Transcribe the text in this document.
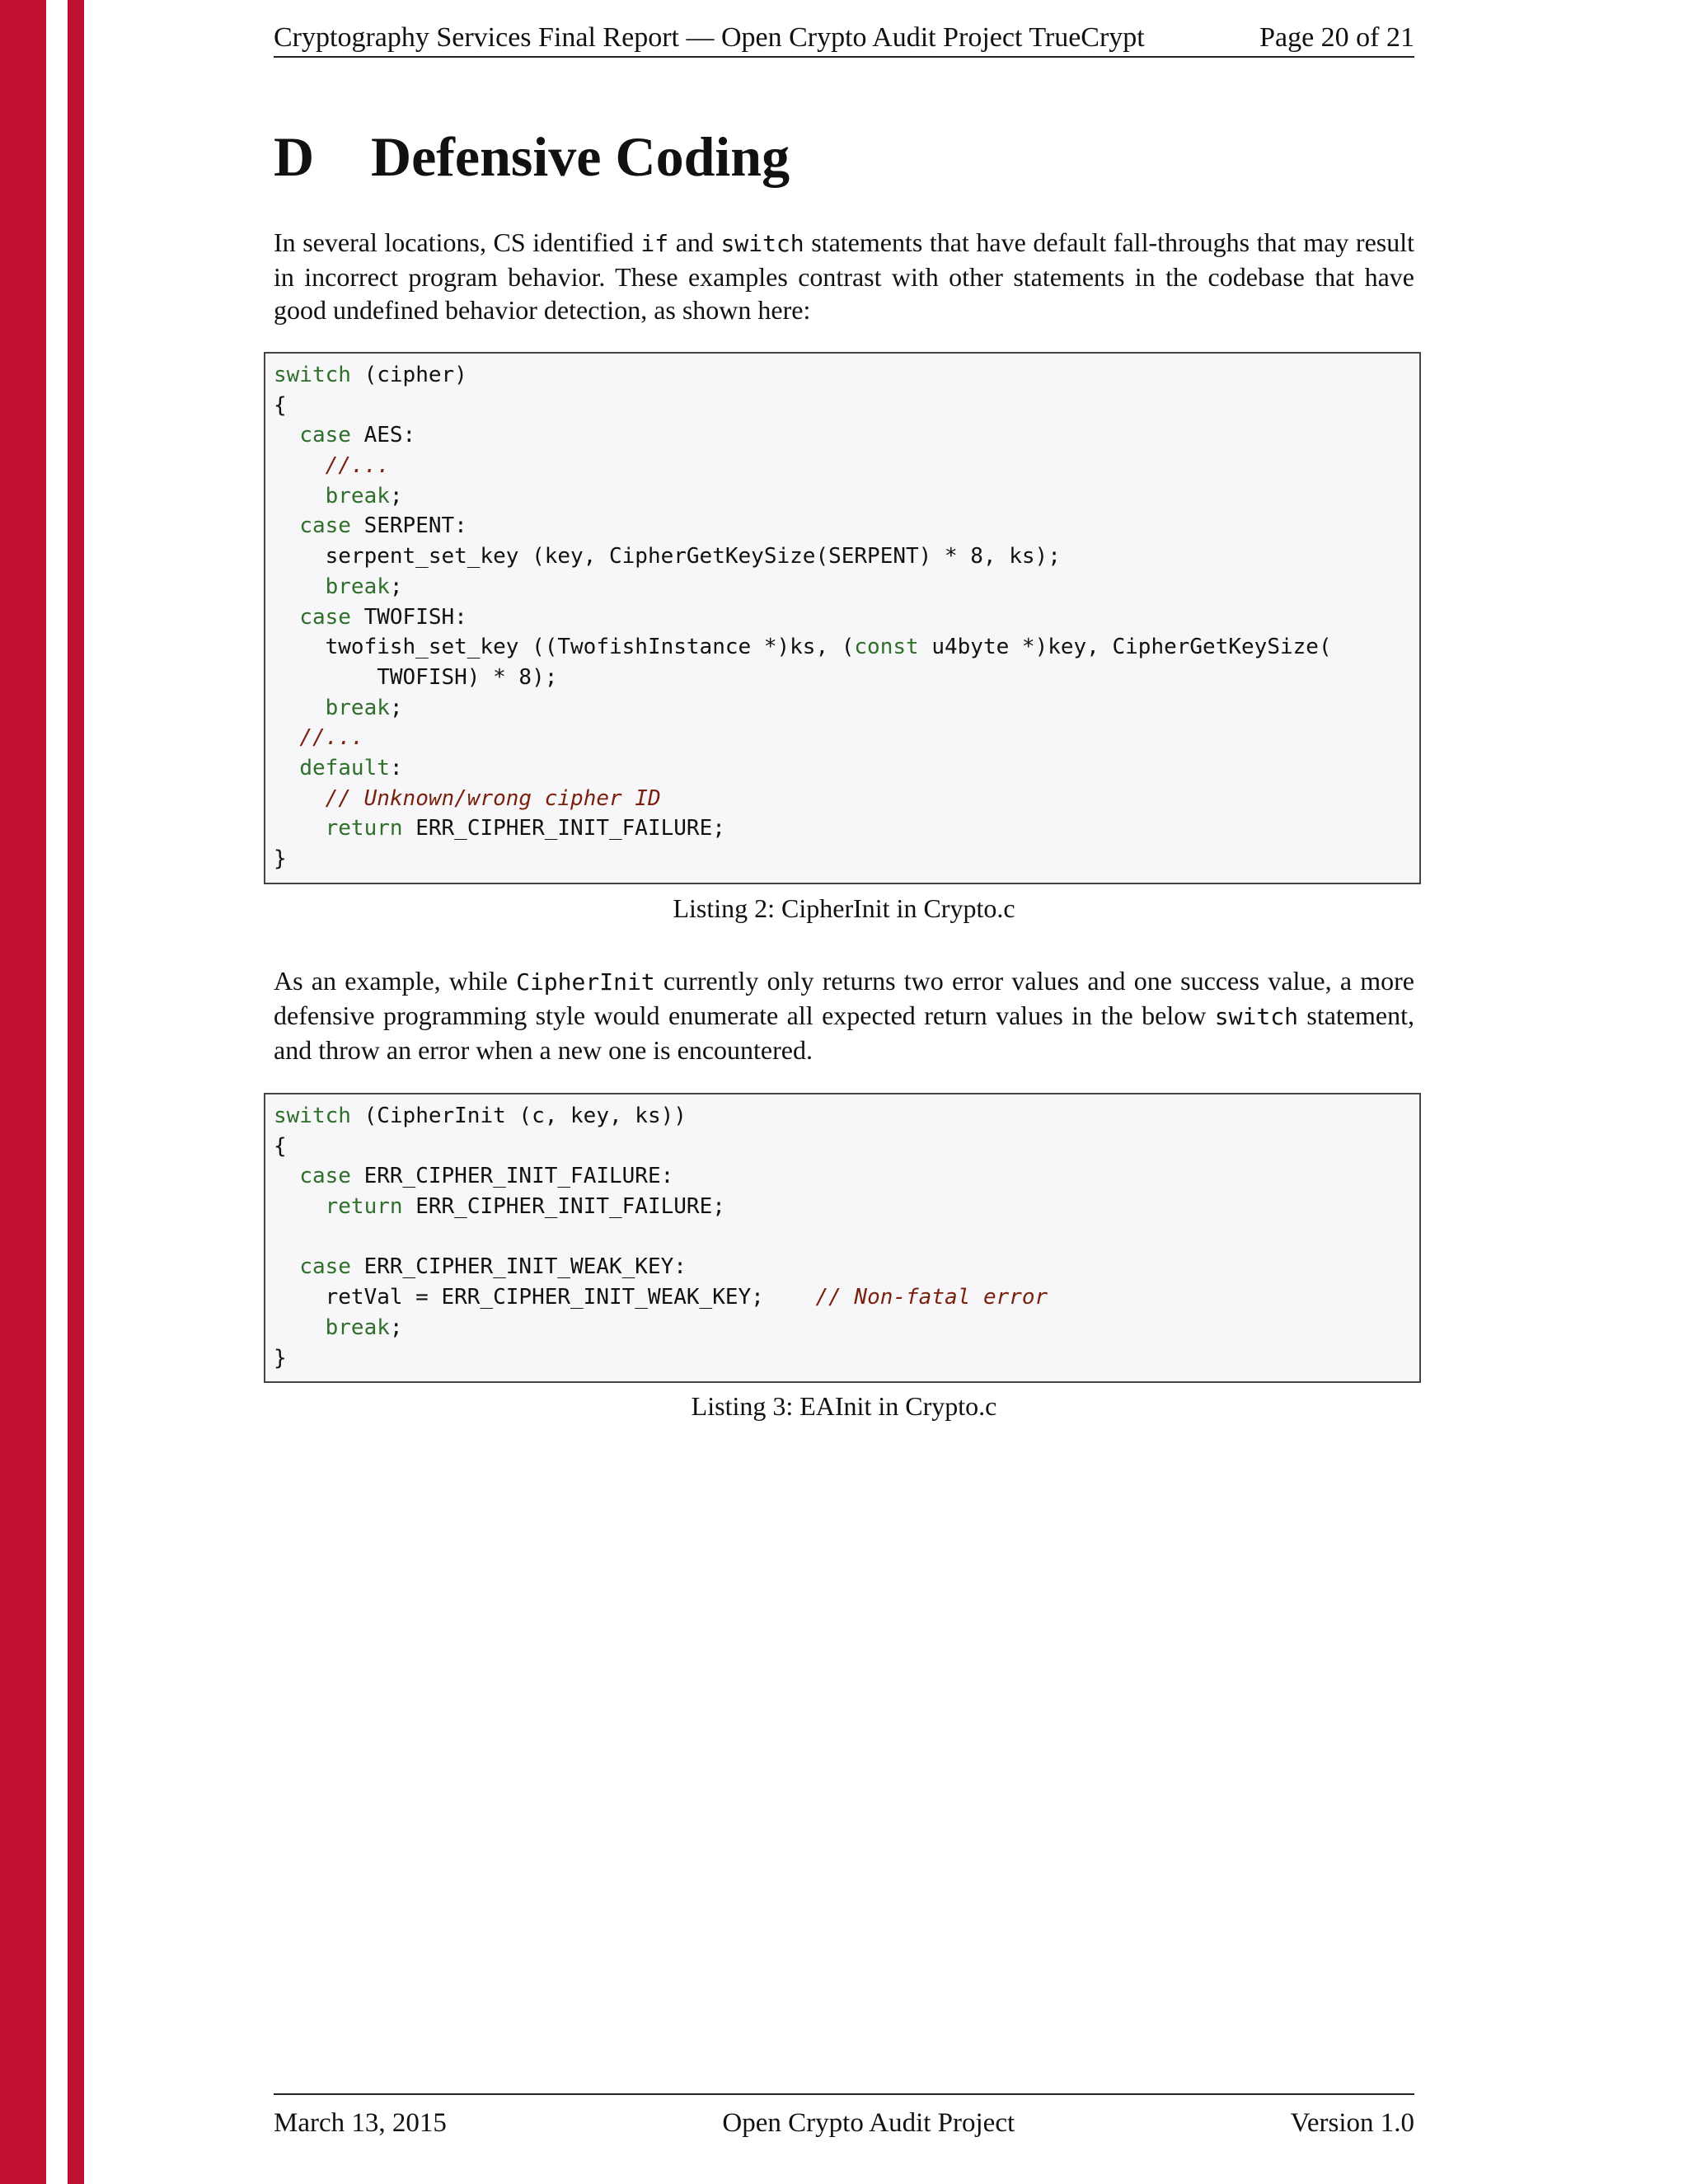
Cryptography Services Final Report — Open Crypto Audit Project TrueCrypt	Page 20 of 21
D Defensive Coding

In several locations, CS identified if and switch statements that have default fall-throughs that may result in incorrect program behavior. These examples contrast with other statements in the codebase that have good undefined behavior detection, as shown here:

switch (cipher)
{
case AES:
//...
break;
case SERPENT:
serpent_set_key (key, CipherGetKeySize(SERPENT) * 8, ks);
break;
case TWOFISH:
twofish_set_key ((TwofishInstance *)ks, (const u4byte *)key, CipherGetKeySize(
TWOFISH) * 8);
break;
//...
default:
// Unknown/wrong cipher ID
return ERR_CIPHER_INIT_FAILURE;
}

Listing 2: CipherInit in Crypto.c

As an example, while CipherInit currently only returns two error values and one success value, a more defensive programming style would enumerate all expected return values in the below switch statement, and throw an error when a new one is encountered.

switch (CipherInit (c, key, ks))
{
case ERR_CIPHER_INIT_FAILURE:
return ERR_CIPHER_INIT_FAILURE;
case ERR_CIPHER_INIT_WEAK_KEY:
retVal = ERR_CIPHER_INIT_WEAK_KEY;    // Non-fatal error
break;
}

Listing 3: EAInit in Crypto.c

March 13, 2015	Open Crypto Audit Project	Version 1.0
